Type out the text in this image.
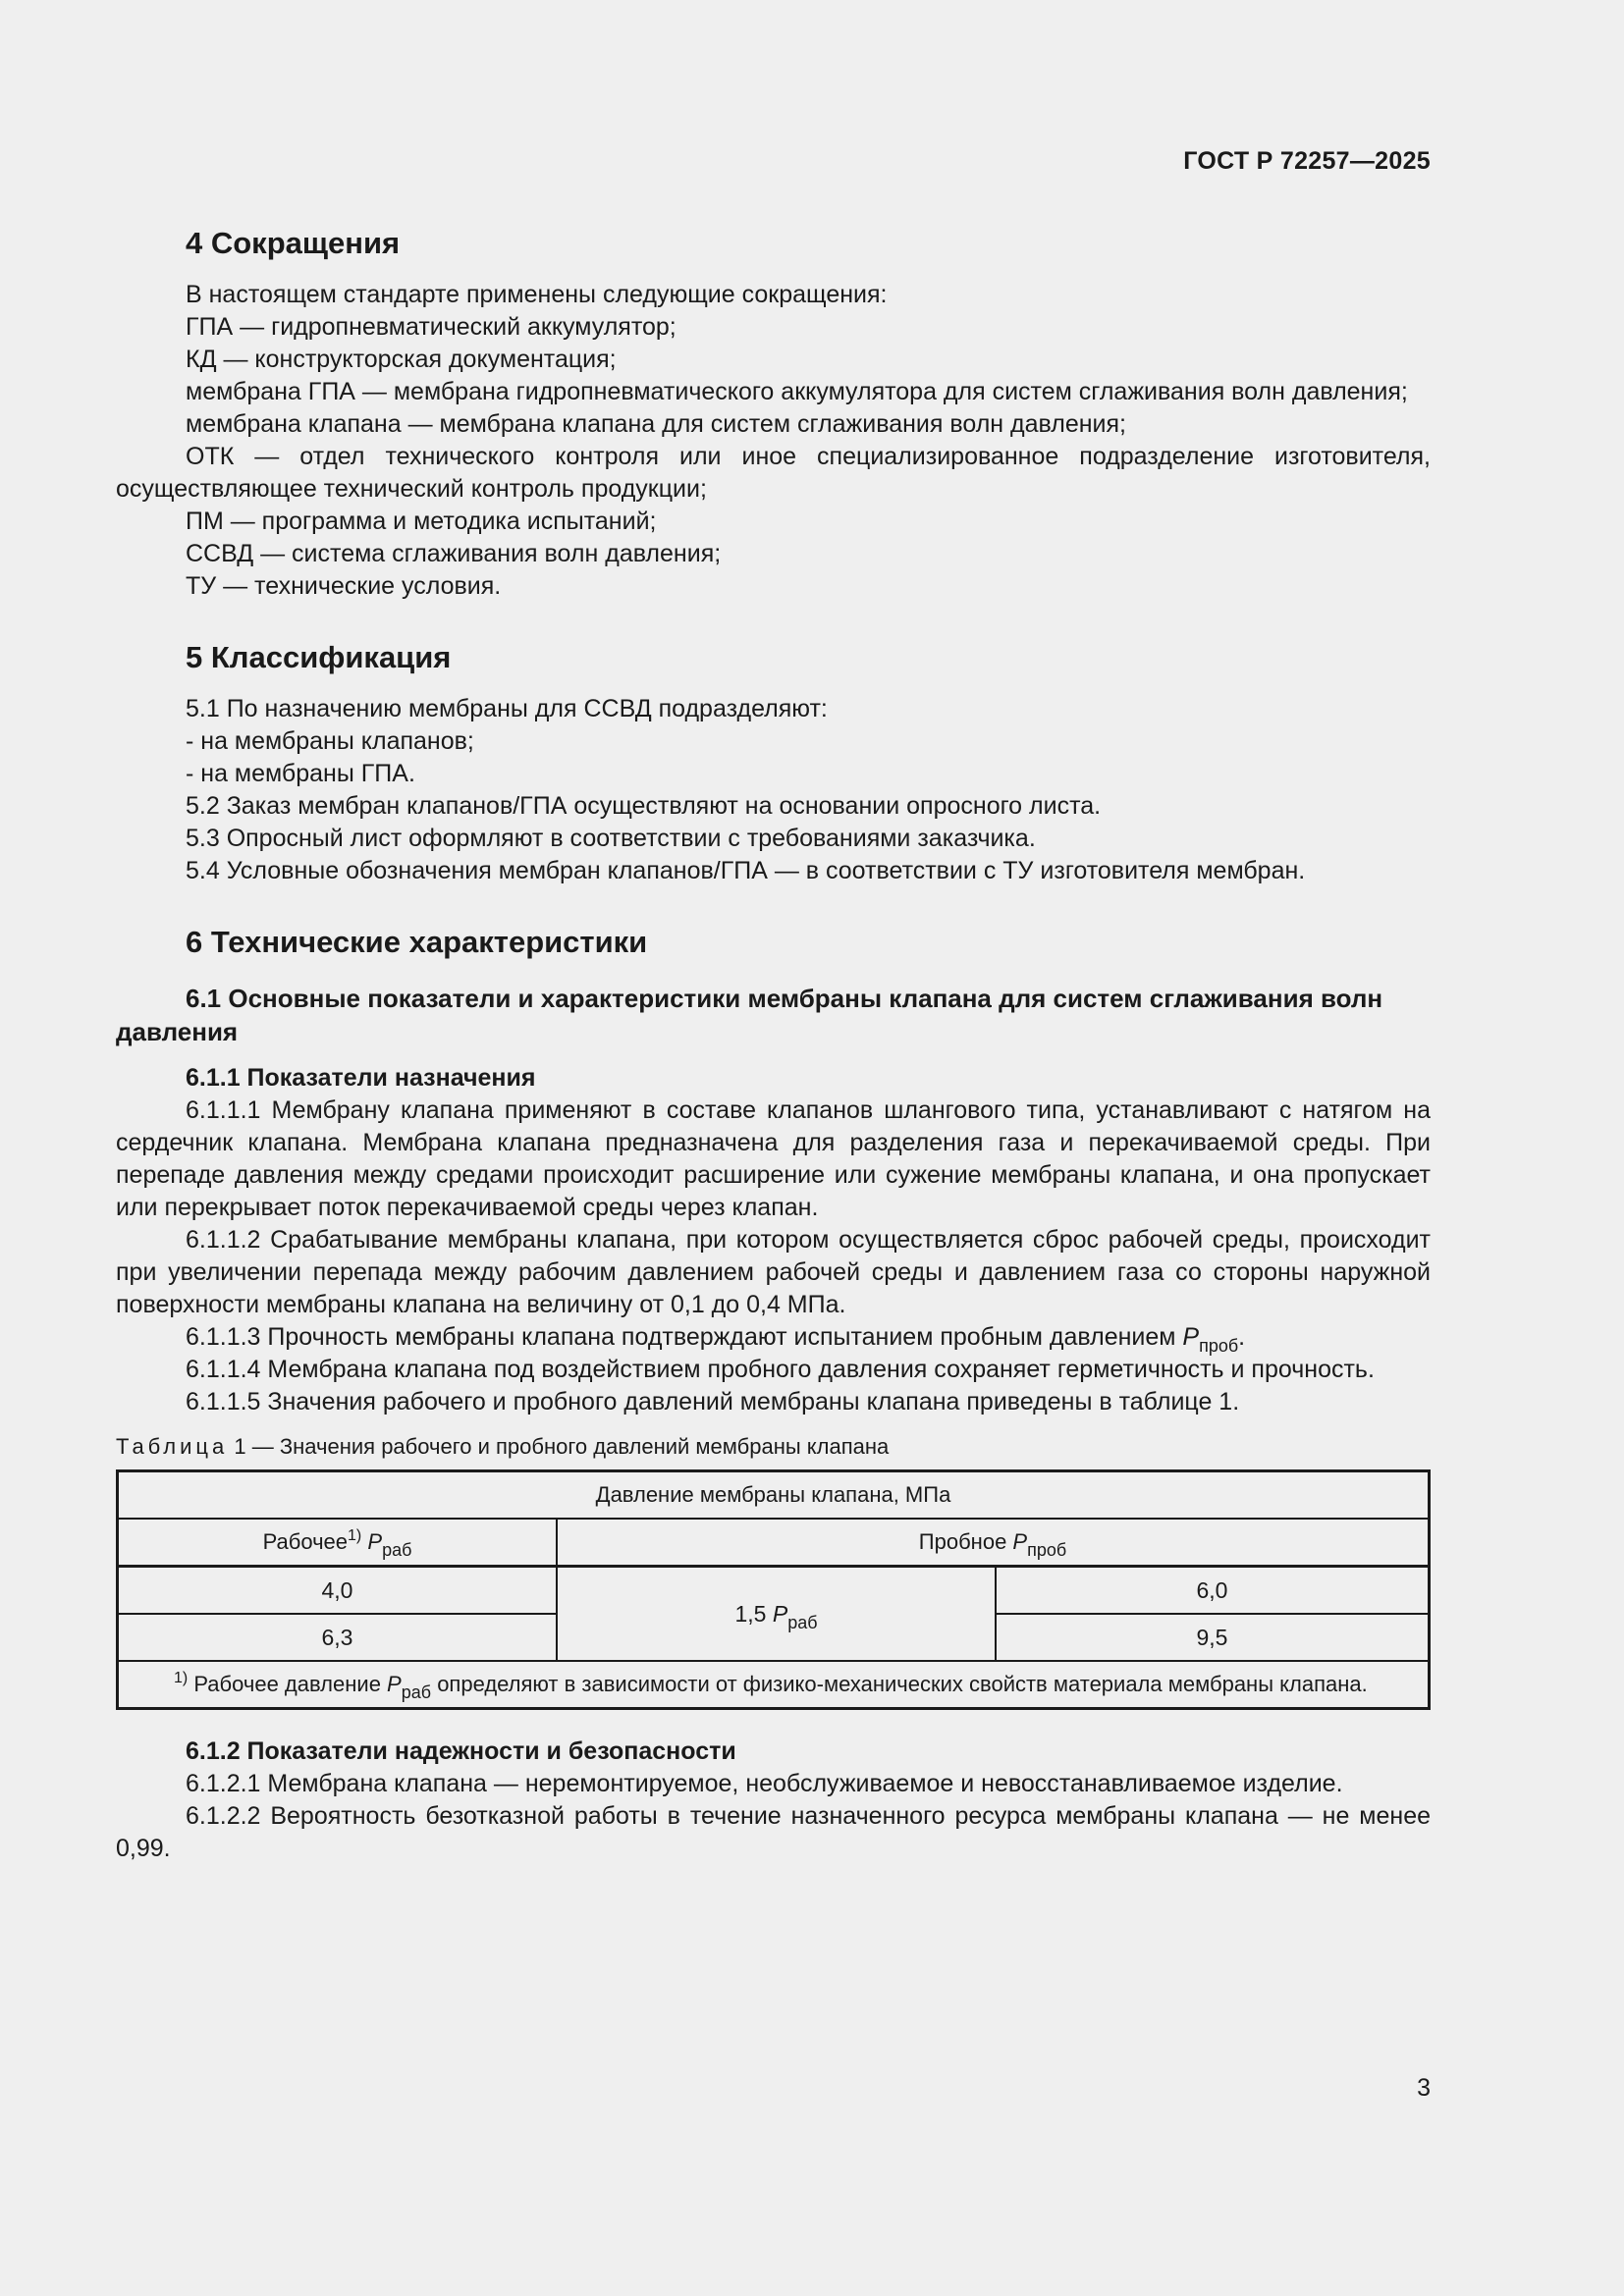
ГОСТ Р 72257—2025
4 Сокращения

В настоящем стандарте применены следующие сокращения:

ГПА — гидропневматический аккумулятор;

КД — конструкторская документация;

мембрана ГПА — мембрана гидропневматического аккумулятора для систем сглаживания волн давления;

мембрана клапана — мембрана клапана для систем сглаживания волн давления;

ОТК — отдел технического контроля или иное специализированное подразделение изготовителя, осуществляющее технический контроль продукции;

ПМ — программа и методика испытаний;

ССВД — система сглаживания волн давления;

ТУ — технические условия.

5 Классификация

5.1 По назначению мембраны для ССВД подразделяют:

- на мембраны клапанов;

- на мембраны ГПА.

5.2 Заказ мембран клапанов/ГПА осуществляют на основании опросного листа.

5.3 Опросный лист оформляют в соответствии с требованиями заказчика.

5.4 Условные обозначения мембран клапанов/ГПА — в соответствии с ТУ изготовителя мембран.

6 Технические характеристики
6.1 Основные показатели и характеристики мембраны клапана для систем сглаживания волн давления
6.1.1 Показатели назначения

6.1.1.1 Мембрану клапана применяют в составе клапанов шлангового типа, устанавливают с натягом на сердечник клапана. Мембрана клапана предназначена для разделения газа и перекачиваемой среды. При перепаде давления между средами происходит расширение или сужение мембраны клапана, и она пропускает или перекрывает поток перекачиваемой среды через клапан.

6.1.1.2 Срабатывание мембраны клапана, при котором осуществляется сброс рабочей среды, происходит при увеличении перепада между рабочим давлением рабочей среды и давлением газа со стороны наружной поверхности мембраны клапана на величину от 0,1 до 0,4 МПа.

6.1.1.3 Прочность мембраны клапана подтверждают испытанием пробным давлением $P_{проб}$.

6.1.1.4 Мембрана клапана под воздействием пробного давления сохраняет герметичность и прочность.

6.1.1.5 Значения рабочего и пробного давлений мембраны клапана приведены в таблице 1.

Таблица 1 — Значения рабочего и пробного давлений мембраны клапана

Давление мембраны клапана, МПа		
Рабочее$^{1)}$ $P_{раб}$	Пробное $P_{проб}$
4,0	1,5 $P_{раб}$	6,0
6,3		9,5
$^{1)}$ Рабочее давление $P_{раб}$ определяют в зависимости от физико-механических свойств материала мембраны клапана.		
6.1.2 Показатели надежности и безопасности

6.1.2.1 Мембрана клапана — неремонтируемое, необслуживаемое и невосстанавливаемое изделие.

6.1.2.2 Вероятность безотказной работы в течение назначенного ресурса мембраны клапана — не менее 0,99.

3
